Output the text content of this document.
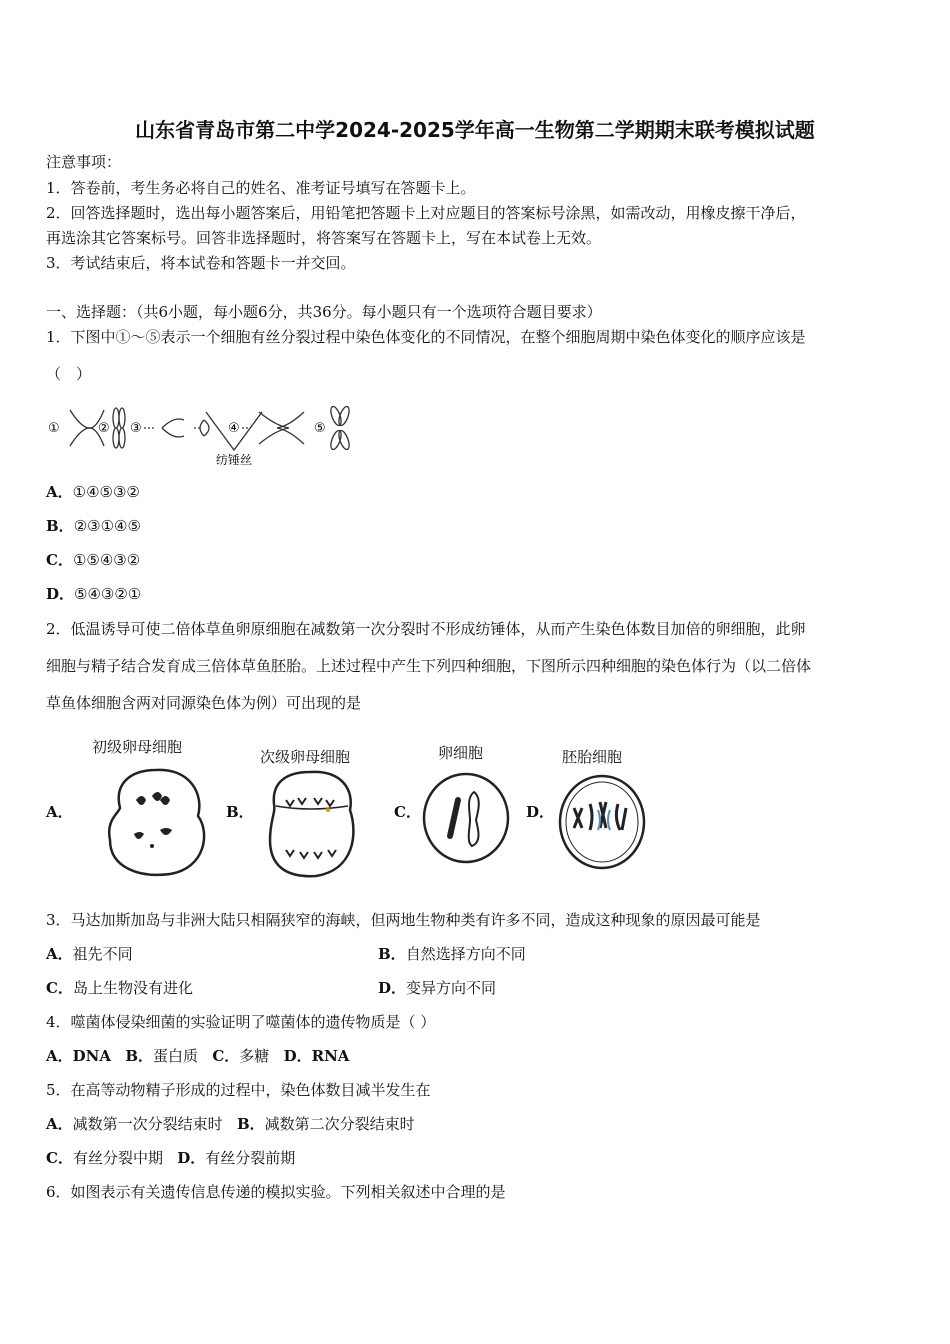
山东省青岛市第二中学2024-2025学年高一生物第二学期期末联考模拟试题
注意事项：
1．答卷前，考生务必将自己的姓名、准考证号填写在答题卡上。
2．回答选择题时，选出每小题答案后，用铅笔把答题卡上对应题目的答案标号涂黑，如需改动，用橡皮擦干净后，
再选涂其它答案标号。回答非选择题时，将答案写在答题卡上，写在本试卷上无效。
3．考试结束后，将本试卷和答题卡一并交回。
一、选择题：（共6小题，每小题6分，共36分。每小题只有一个选项符合题目要求）
1．下图中①～⑤表示一个细胞有丝分裂过程中染色体变化的不同情况，在整个细胞周期中染色体变化的顺序应该是
（　）
①	② ③	④	⑤
纺锤丝
A．①④⑤③②
B．②③①④⑤
C．①⑤④③②
D．⑤④③②①
2．低温诱导可使二倍体草鱼卵原细胞在减数第一次分裂时不形成纺锤体，从而产生染色体数目加倍的卵细胞，此卵
细胞与精子结合发育成三倍体草鱼胚胎。上述过程中产生下列四种细胞，下图所示四种细胞的染色体行为（以二倍体
草鱼体细胞含两对同源染色体为例）可出现的是
A．	B．	C．	D．
初级卵母细胞
次级卵母细胞	卵细胞	胚胎细胞
3．马达加斯加岛与非洲大陆只相隔狭窄的海峡，但两地生物种类有许多不同，造成这种现象的原因最可能是
A．祖先不同	B．自然选择方向不同
C．岛上生物没有进化	D．变异方向不同
4．噬菌体侵染细菌的实验证明了噬菌体的遗传物质是（ ）
A．DNA B．蛋白质 C．多糖 D．RNA
5．在高等动物精子形成的过程中，染色体数目减半发生在
A．减数第一次分裂结束时 B．减数第二次分裂结束时
C．有丝分裂中期 D．有丝分裂前期
6．如图表示有关遗传信息传递的模拟实验。下列相关叙述中合理的是
